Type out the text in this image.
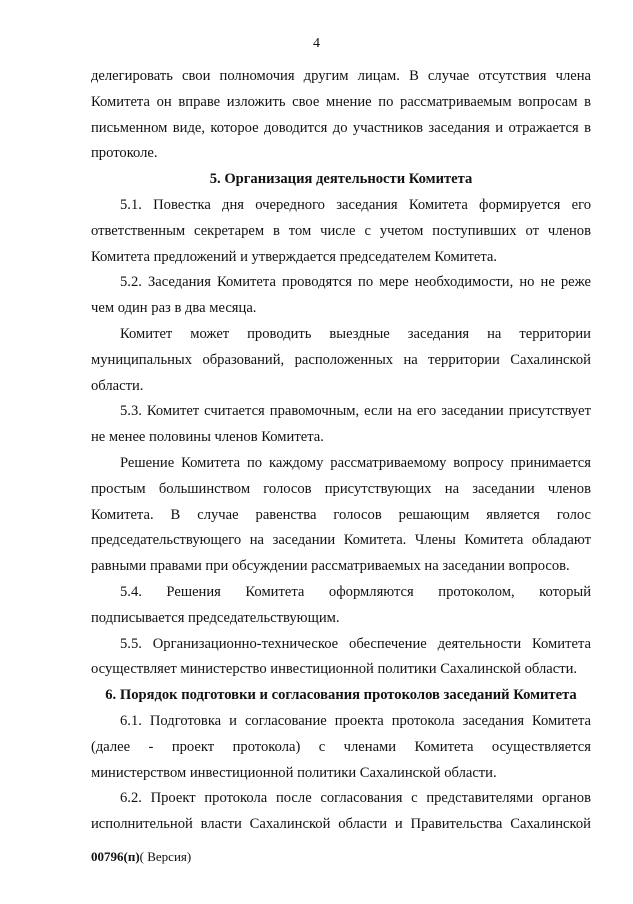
4
делегировать свои полномочия другим лицам. В случае отсутствия члена
Комитета он вправе изложить свое мнение по рассматриваемым вопросам в
письменном виде, которое доводится до участников заседания и отражается в
протоколе.
5. Организация деятельности Комитета
5.1. Повестка дня очередного заседания Комитета формируется его
ответственным секретарем в том числе с учетом поступивших от членов
Комитета предложений и утверждается председателем Комитета.
5.2. Заседания Комитета проводятся по мере необходимости, но не реже
чем один раз в два месяца.
Комитет может проводить выездные заседания на территории
муниципальных образований, расположенных на территории Сахалинской
области.
5.3. Комитет считается правомочным, если на его заседании присутствует
не менее половины членов Комитета.
Решение Комитета по каждому рассматриваемому вопросу принимается
простым большинством голосов присутствующих на заседании членов
Комитета. В случае равенства голосов решающим является голос
председательствующего на заседании Комитета. Члены Комитета обладают
равными правами при обсуждении рассматриваемых на заседании вопросов.
5.4. Решения Комитета оформляются протоколом, который
подписывается председательствующим.
5.5. Организационно-техническое обеспечение деятельности Комитета
осуществляет министерство инвестиционной политики Сахалинской области.
6. Порядок подготовки и согласования протоколов заседаний Комитета
6.1. Подготовка и согласование проекта протокола заседания Комитета
(далее - проект протокола) с членами Комитета осуществляется
министерством инвестиционной политики Сахалинской области.
6.2. Проект протокола после согласования с представителями органов
исполнительной власти Сахалинской области и Правительства Сахалинской
00796(п)( Версия)
